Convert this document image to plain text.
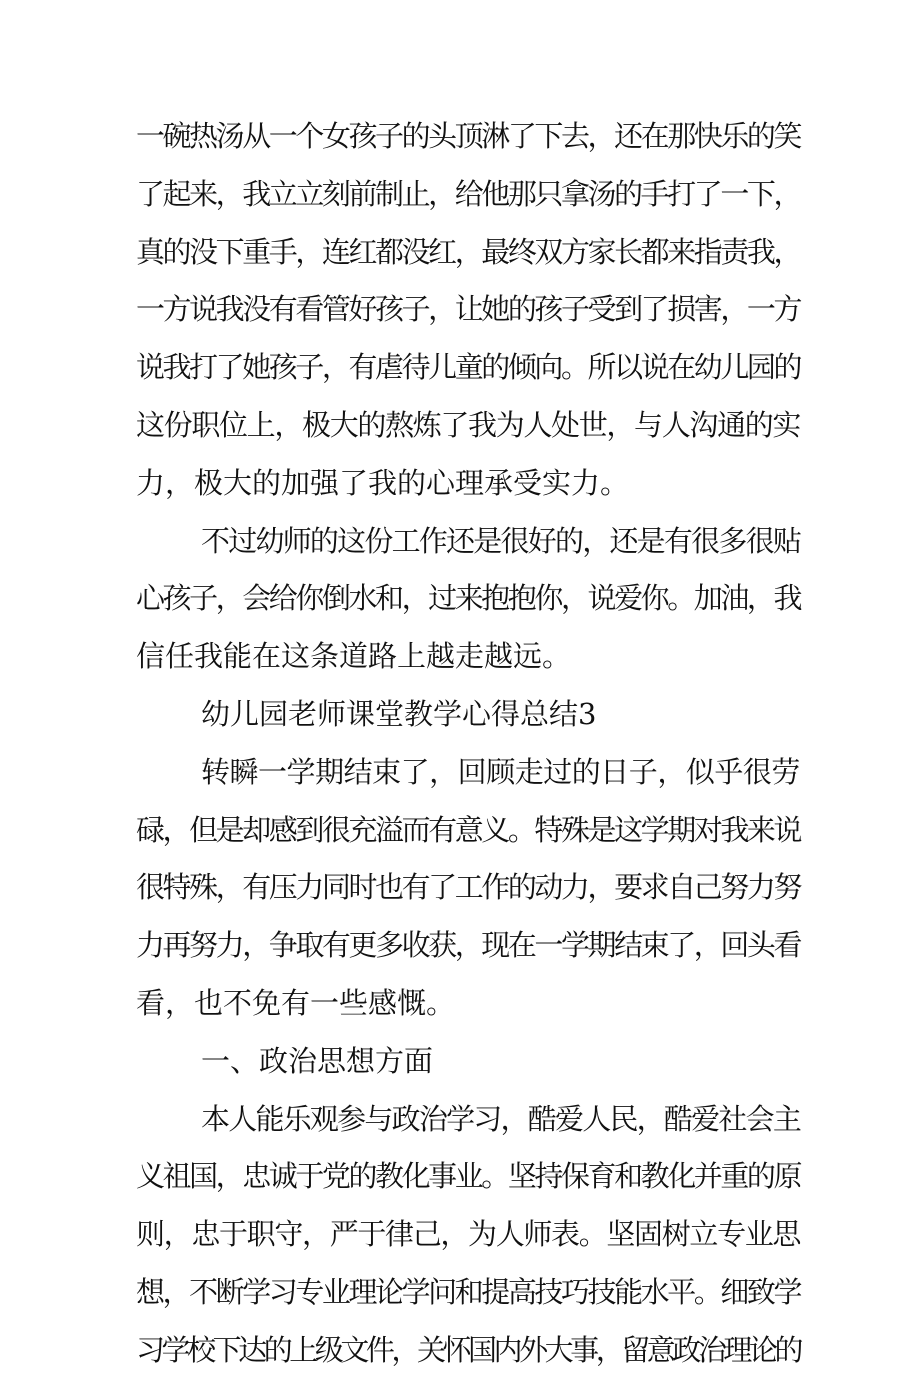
一碗热汤从一个女孩子的头顶淋了下去，还在那快乐的笑
了起来，我立立刻前制止，给他那只拿汤的手打了一下，
真的没下重手，连红都没红，最终双方家长都来指责我，
一方说我没有看管好孩子，让她的孩子受到了损害，一方
说我打了她孩子，有虐待儿童的倾向。所以说在幼儿园的
这份职位上，极大的熬炼了我为人处世，与人沟通的实
力，极大的加强了我的心理承受实力。
不过幼师的这份工作还是很好的，还是有很多很贴
心孩子，会给你倒水和，过来抱抱你，说爱你。加油，我
信任我能在这条道路上越走越远。
幼儿园老师课堂教学心得总结3
转瞬一学期结束了，回顾走过的日子，似乎很劳
碌，但是却感到很充溢而有意义。特殊是这学期对我来说
很特殊，有压力同时也有了工作的动力，要求自己努力努
力再努力，争取有更多收获，现在一学期结束了，回头看
看，也不免有一些感慨。
一、政治思想方面
本人能乐观参与政治学习，酷爱人民，酷爱社会主
义祖国，忠诚于党的教化事业。坚持保育和教化并重的原
则，忠于职守，严于律己，为人师表。坚固树立专业思
想，不断学习专业理论学问和提高技巧技能水平。细致学
习学校下达的上级文件，关怀国内外大事，留意政治理论的
